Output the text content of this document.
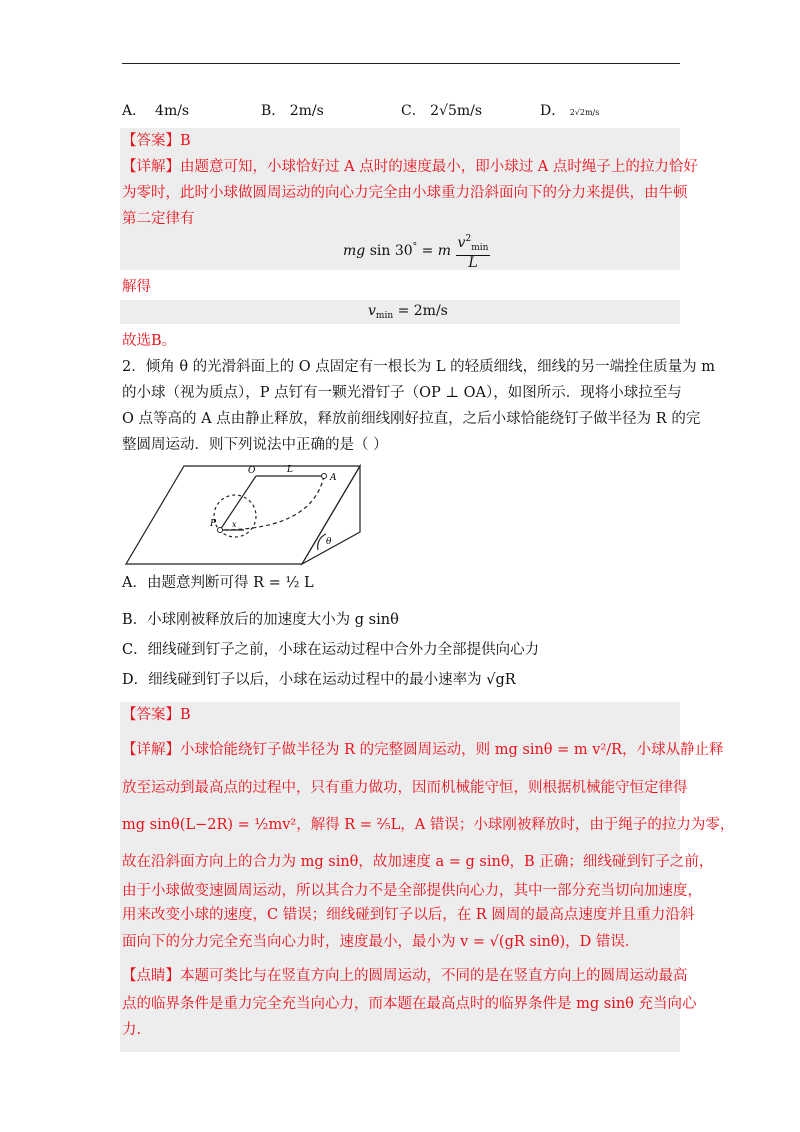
A． 4m/s	B． 2m/s	C． 2√5m/s	D． 2√2m/s
【答案】B
【详解】由题意可知，小球恰好过 A 点时的速度最小，即小球过 A 点时绳子上的拉力恰好
为零时，此时小球做圆周运动的向心力完全由小球重力沿斜面向下的分力来提供，由牛顿
第二定律有
mg sin 30° = m $\frac{v^2_{min}}{L}$
解得
$v_{min} = 2m/s$
故选B。
2．倾角 θ 的光滑斜面上的 O 点固定有一根长为 L 的轻质细线，细线的另一端拴住质量为 m
的小球（视为质点），P 点钉有一颗光滑钉子（OP ⊥ OA），如图所示．现将小球拉至与
O 点等高的 A 点由静止释放，释放前细线刚好拉直，之后小球恰能绕钉子做半径为 R 的完
整圆周运动．则下列说法中正确的是（ ）
O	L
A
P x
θ
A．由题意判断可得 R = ½ L
B．小球刚被释放后的加速度大小为 g sinθ
C．细线碰到钉子之前，小球在运动过程中合外力全部提供向心力
D．细线碰到钉子以后，小球在运动过程中的最小速率为 √gR
【答案】B
【详解】小球恰能绕钉子做半径为 R 的完整圆周运动，则 mg sinθ = m v²/R，小球从静止释
放至运动到最高点的过程中，只有重力做功，因而机械能守恒，则根据机械能守恒定律得
mg sinθ(L−2R) = ½mv²，解得 R = ⅖L，A 错误；小球刚被释放时，由于绳子的拉力为零，
故在沿斜面方向上的合力为 mg sinθ，故加速度 a = g sinθ，B 正确；细线碰到钉子之前，
由于小球做变速圆周运动，所以其合力不是全部提供向心力，其中一部分充当切向加速度，
用来改变小球的速度，C 错误；细线碰到钉子以后，在 R 圆周的最高点速度并且重力沿斜
面向下的分力完全充当向心力时，速度最小，最小为 v = √(gR sinθ)，D 错误．
【点睛】本题可类比与在竖直方向上的圆周运动，不同的是在竖直方向上的圆周运动最高
点的临界条件是重力完全充当向心力，而本题在最高点时的临界条件是 mg sinθ 充当向心
力.
